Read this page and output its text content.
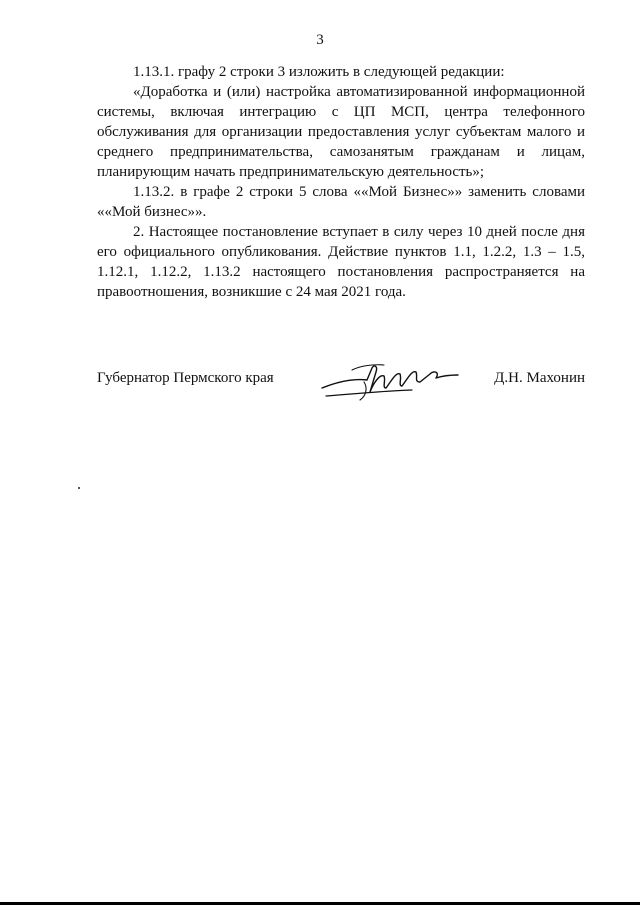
3

1.13.1. графу 2 строки 3 изложить в следующей редакции:

«Доработка и (или) настройка автоматизированной информационной системы, включая интеграцию с ЦП МСП, центра телефонного обслуживания для организации предоставления услуг субъектам малого и среднего предпринимательства, самозанятым гражданам и лицам, планирующим начать предпринимательскую деятельность»;

1.13.2. в графе 2 строки 5 слова ««Мой Бизнес»» заменить словами ««Мой бизнес»».

2. Настоящее постановление вступает в силу через 10 дней после дня его официального опубликования. Действие пунктов 1.1, 1.2.2, 1.3 – 1.5, 1.12.1, 1.12.2, 1.13.2 настоящего постановления распространяется на правоотношения, возникшие с 24 мая 2021 года.

Губернатор Пермского края	Д.Н. Махонин
